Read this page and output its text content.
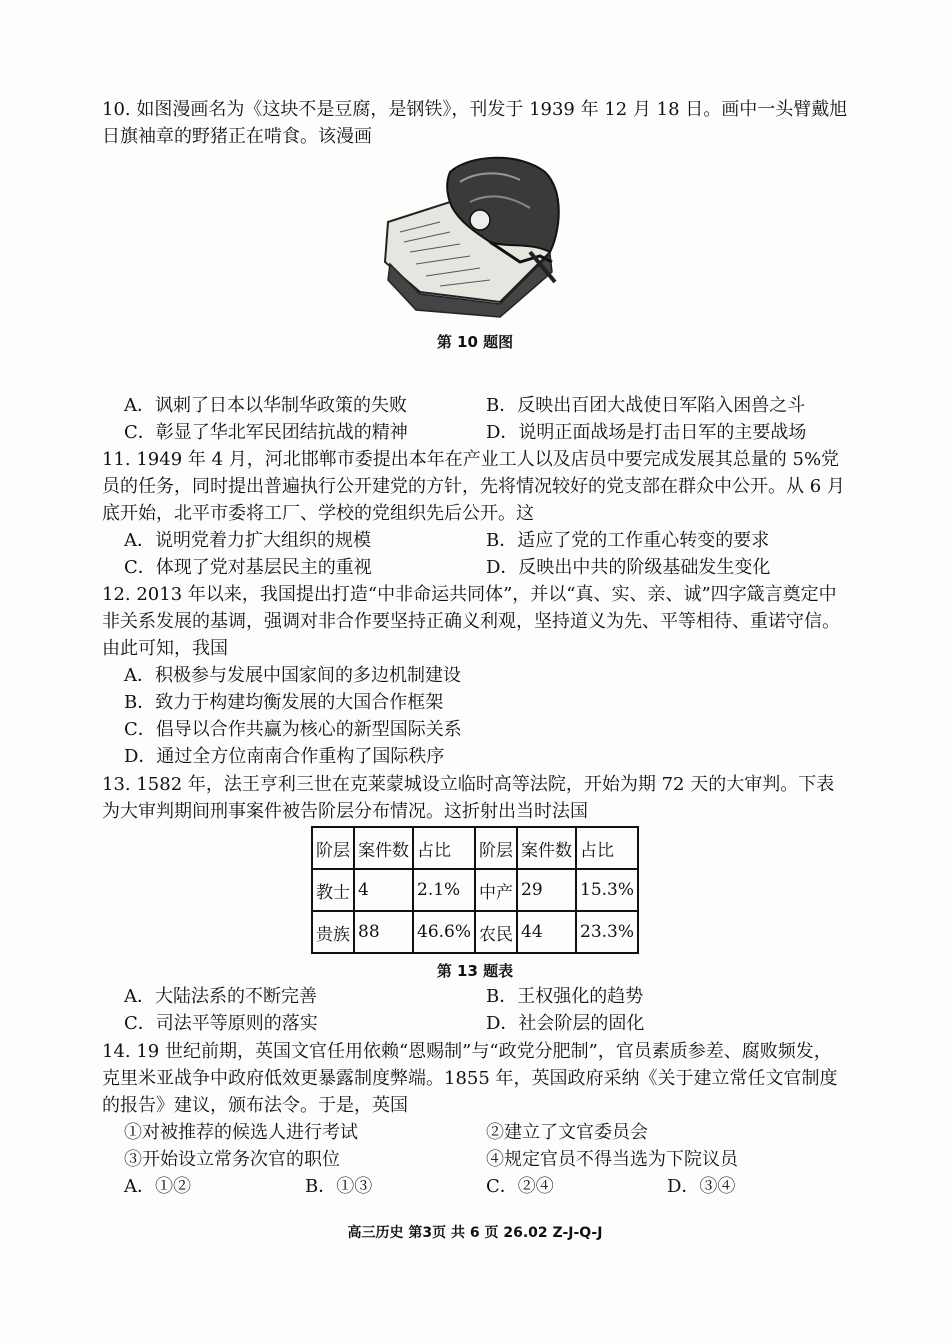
10. 如图漫画名为《这块不是豆腐，是钢铁》，刊发于 1939 年 12 月 18 日。画中一头臂戴旭日旗袖章的野猪正在啃食。该漫画
第 10 题图
A．讽刺了日本以华制华政策的失败	B．反映出百团大战使日军陷入困兽之斗
C．彰显了华北军民团结抗战的精神	D．说明正面战场是打击日军的主要战场
11. 1949 年 4 月，河北邯郸市委提出本年在产业工人以及店员中要完成发展其总量的 5%党员的任务，同时提出普遍执行公开建党的方针，先将情况较好的党支部在群众中公开。从 6 月底开始，北平市委将工厂、学校的党组织先后公开。这
A．说明党着力扩大组织的规模	B．适应了党的工作重心转变的要求
C．体现了党对基层民主的重视	D．反映出中共的阶级基础发生变化
12. 2013 年以来，我国提出打造“中非命运共同体”，并以“真、实、亲、诚”四字箴言奠定中非关系发展的基调，强调对非合作要坚持正确义利观，坚持道义为先、平等相待、重诺守信。由此可知，我国
A．积极参与发展中国家间的多边机制建设
B．致力于构建均衡发展的大国合作框架
C．倡导以合作共赢为核心的新型国际关系
D．通过全方位南南合作重构了国际秩序
13. 1582 年，法王亨利三世在克莱蒙城设立临时高等法院，开始为期 72 天的大审判。下表为大审判期间刑事案件被告阶层分布情况。这折射出当时法国
阶层	案件数	占比	阶层	案件数	占比
教士	4	2.1%	中产	29	15.3%
贵族	88	46.6%	农民	44	23.3%
第 13 题表
A．大陆法系的不断完善	B．王权强化的趋势
C．司法平等原则的落实	D．社会阶层的固化
14. 19 世纪前期，英国文官任用依赖“恩赐制”与“政党分肥制”，官员素质参差、腐败频发，克里米亚战争中政府低效更暴露制度弊端。1855 年，英国政府采纳《关于建立常任文官制度的报告》建议，颁布法令。于是，英国
①对被推荐的候选人进行考试	②建立了文官委员会
③开始设立常务次官的职位	④规定官员不得当选为下院议员
A．①②	B．①③	C．②④	D．③④
高三历史 第3页 共 6 页 26.02 Z-J-Q-J
